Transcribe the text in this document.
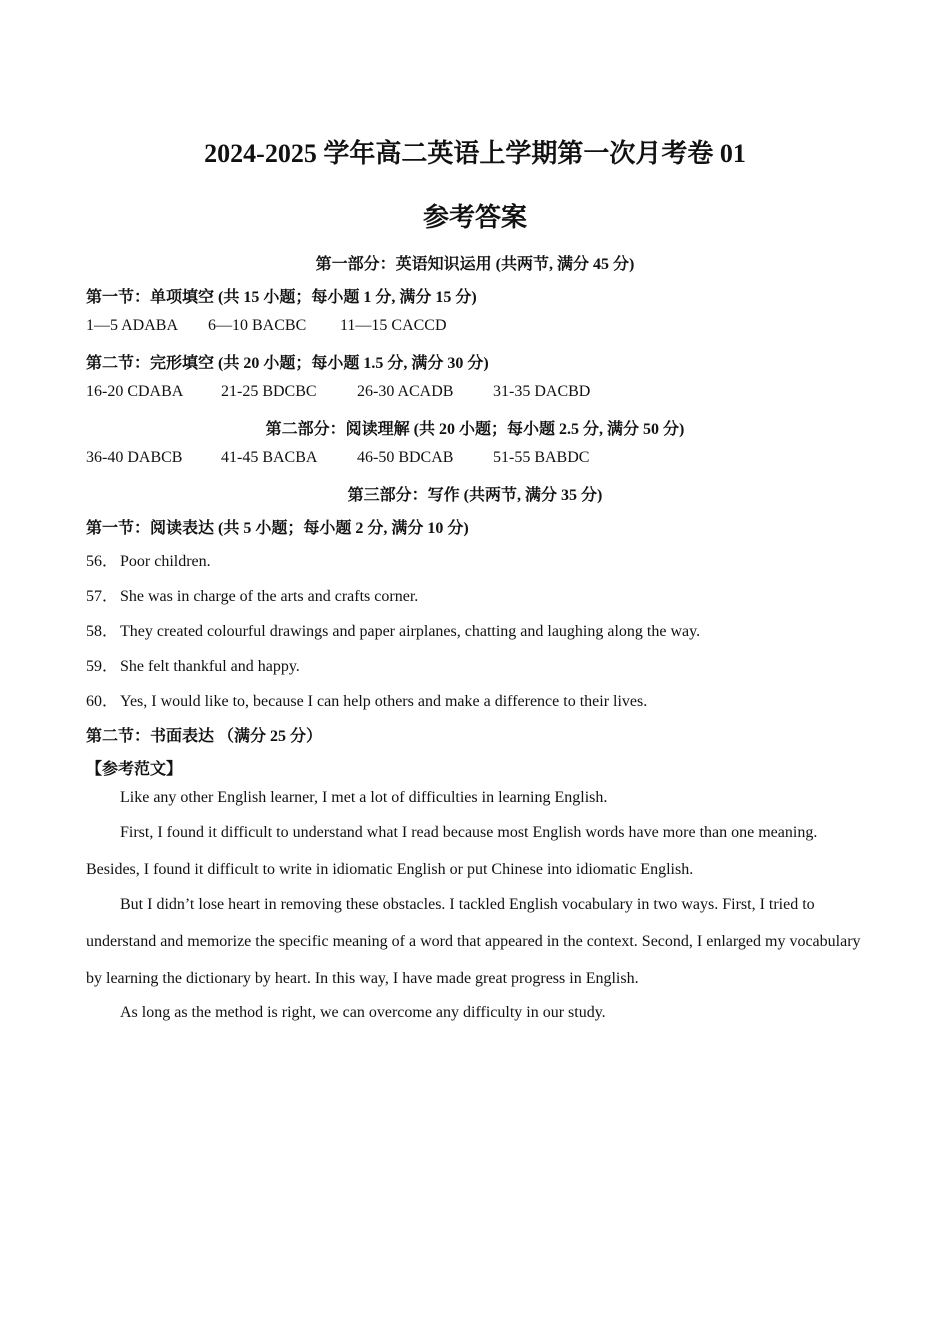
2024-2025 学年高二英语上学期第一次月考卷 01
参考答案
第一部分：英语知识运用 (共两节, 满分 45 分)
第一节：单项填空 (共 15 小题；每小题 1 分, 满分 15 分)
1—5 ADABA 6—10 BACBC 11—15 CACCD
第二节：完形填空 (共 20 小题；每小题 1.5 分, 满分 30 分)
16-20 CDABA 21-25 BDCBC	26-30 ACADB 31-35 DACBD
第二部分：阅读理解 (共 20 小题；每小题 2.5 分, 满分 50 分)
36-40 DABCB 41-45 BACBA 46-50 BDCAB 51-55 BABDC
第三部分：写作 (共两节, 满分 35 分)
第一节：阅读表达 (共 5 小题；每小题 2 分, 满分 10 分)
56． Poor children.
57． She was in charge of the arts and crafts corner.
58． They created colourful drawings and paper airplanes, chatting and laughing along the way.
59． She felt thankful and happy.
60． Yes, I would like to, because I can help others and make a difference to their lives.
第二节：书面表达 （满分 25 分）
【参考范文】
Like any other English learner, I met a lot of difficulties in learning English.
First, I found it difficult to understand what I read because most English words have more than one meaning. Besides, I found it difficult to write in idiomatic English or put Chinese into idiomatic English.
But I didn’t lose heart in removing these obstacles. I tackled English vocabulary in two ways. First, I tried to understand and memorize the specific meaning of a word that appeared in the context. Second, I enlarged my vocabulary by learning the dictionary by heart. In this way, I have made great progress in English.
As long as the method is right, we can overcome any difficulty in our study.
